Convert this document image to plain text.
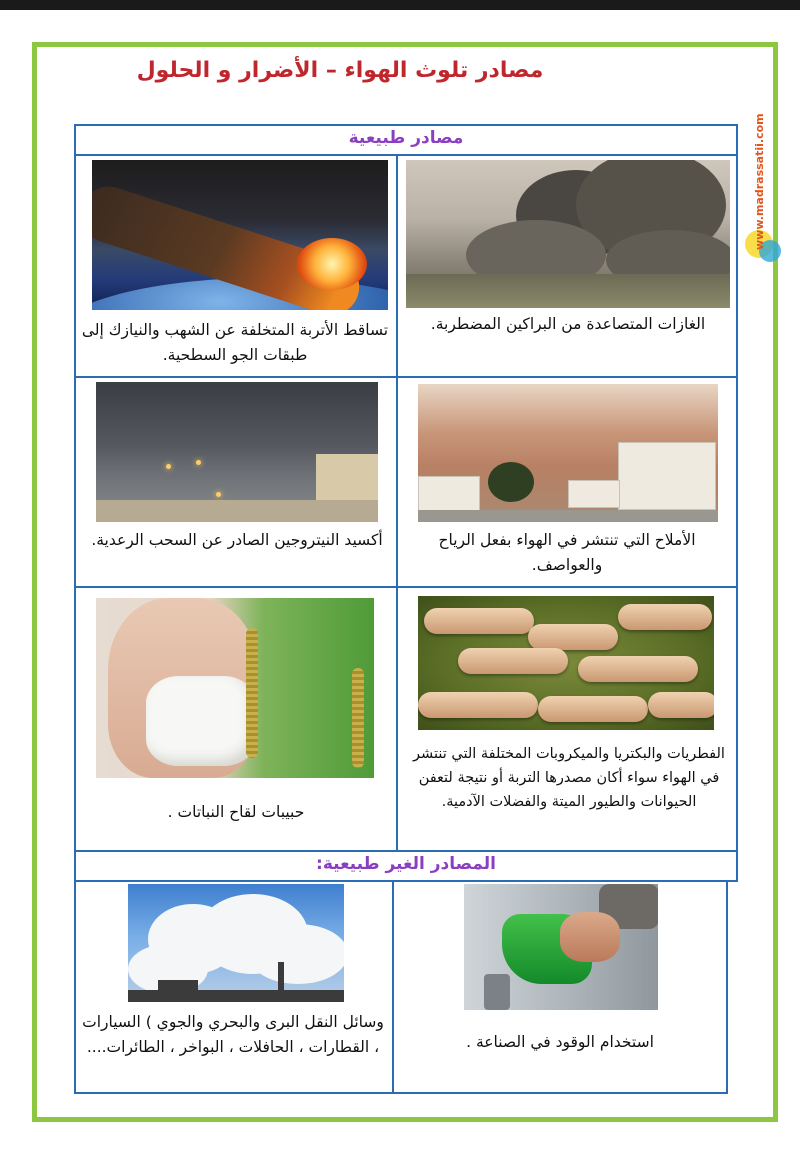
مصادر تلوث الهواء – الأضرار و الحلول
www.madrassatii.com
مصادر طبيعية
الغازات المتصاعدة من البراكين المضطربة.
تساقط الأتربة المتخلفة عن الشهب والنيازك إلى طبقات الجو السطحية.
الأملاح التي تنتشر في الهواء بفعل الرياح والعواصف.
أكسيد النيتروجين الصادر عن السحب الرعدية.
الفطريات والبكتريا والميكروبات المختلفة التي تنتشر في الهواء سواء أكان مصدرها التربة أو نتيجة لتعفن الحيوانات والطيور الميتة والفضلات الآدمية.
حبيبات لقاح النباتات .
المصادر الغير طبيعية:
استخدام الوقود في الصناعة .
وسائل النقل البرى والبحري والجوي ) السيارات ، القطارات ، الحافلات ، البواخر ، الطائرات....
